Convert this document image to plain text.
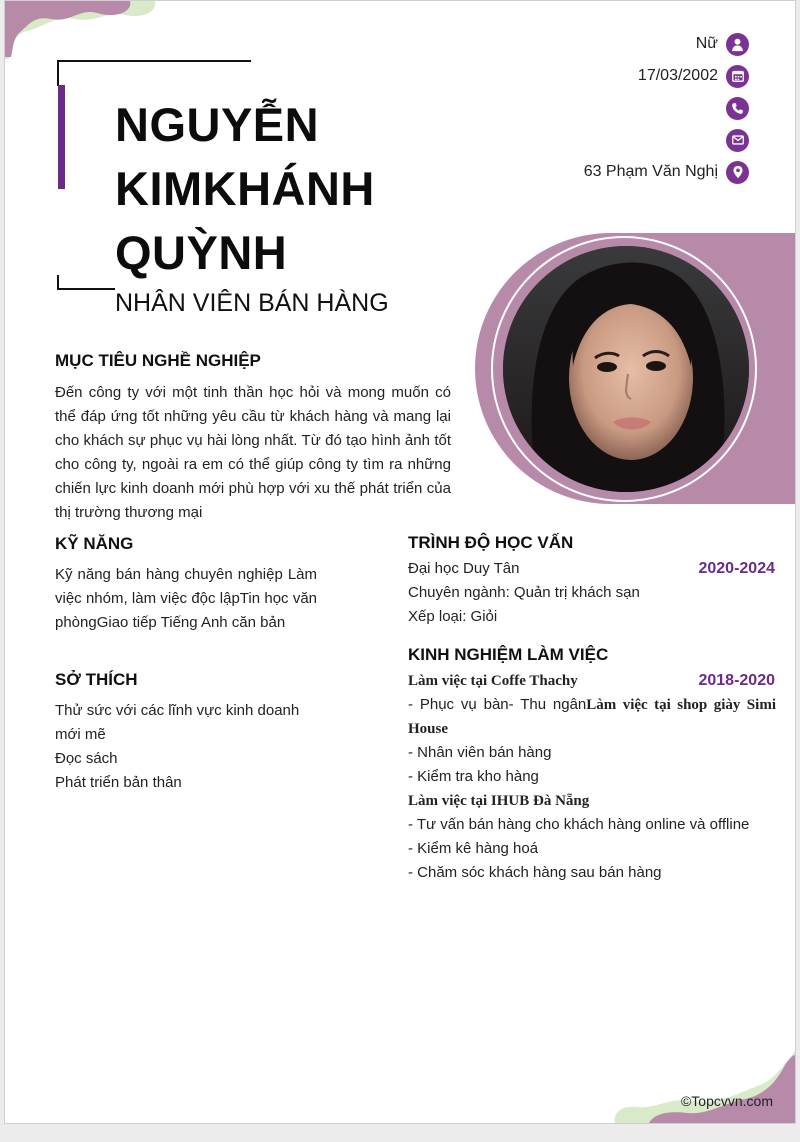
NGUYỄN
KIMKHÁNH
QUỲNH
NHÂN VIÊN BÁN HÀNG
Nữ
17/03/2002
63 Phạm Văn Nghị
MỤC TIÊU NGHỀ NGHIỆP
Đến công ty với một tinh thần học hỏi và mong muốn có thể đáp ứng tốt những yêu cầu từ khách hàng và mang lại cho khách sự phục vụ hài lòng nhất. Từ đó tạo hình ảnh tốt cho công ty, ngoài ra em có thể giúp công ty tìm ra những chiến lực kinh doanh mới phù hợp với xu thế phát triển của thị trường thương mại
KỸ NĂNG
Kỹ năng bán hàng chuyên nghiệp Làm việc nhóm, làm việc độc lậpTin học văn phòngGiao tiếp Tiếng Anh căn bản
SỞ THÍCH
Thử sức với các lĩnh vực kinh doanh mới mẽ
Đọc sách
Phát triển bản thân
TRÌNH ĐỘ HỌC VẤN
Đại học Duy Tân	2020-2024
Chuyên ngành: Quản trị khách sạn
Xếp loại: Giỏi
KINH NGHIỆM LÀM VIỆC
Làm việc tại Coffe Thachy	2018-2020
- Phục vụ bàn- Thu ngânLàm việc tại shop giày Simi House
- Nhân viên bán hàng
- Kiểm tra kho hàng
Làm việc tại IHUB Đà Nẵng
- Tư vấn bán hàng cho khách hàng online và offline
- Kiểm kê hàng hoá
- Chăm sóc khách hàng sau bán hàng
©Topcvvn.com
